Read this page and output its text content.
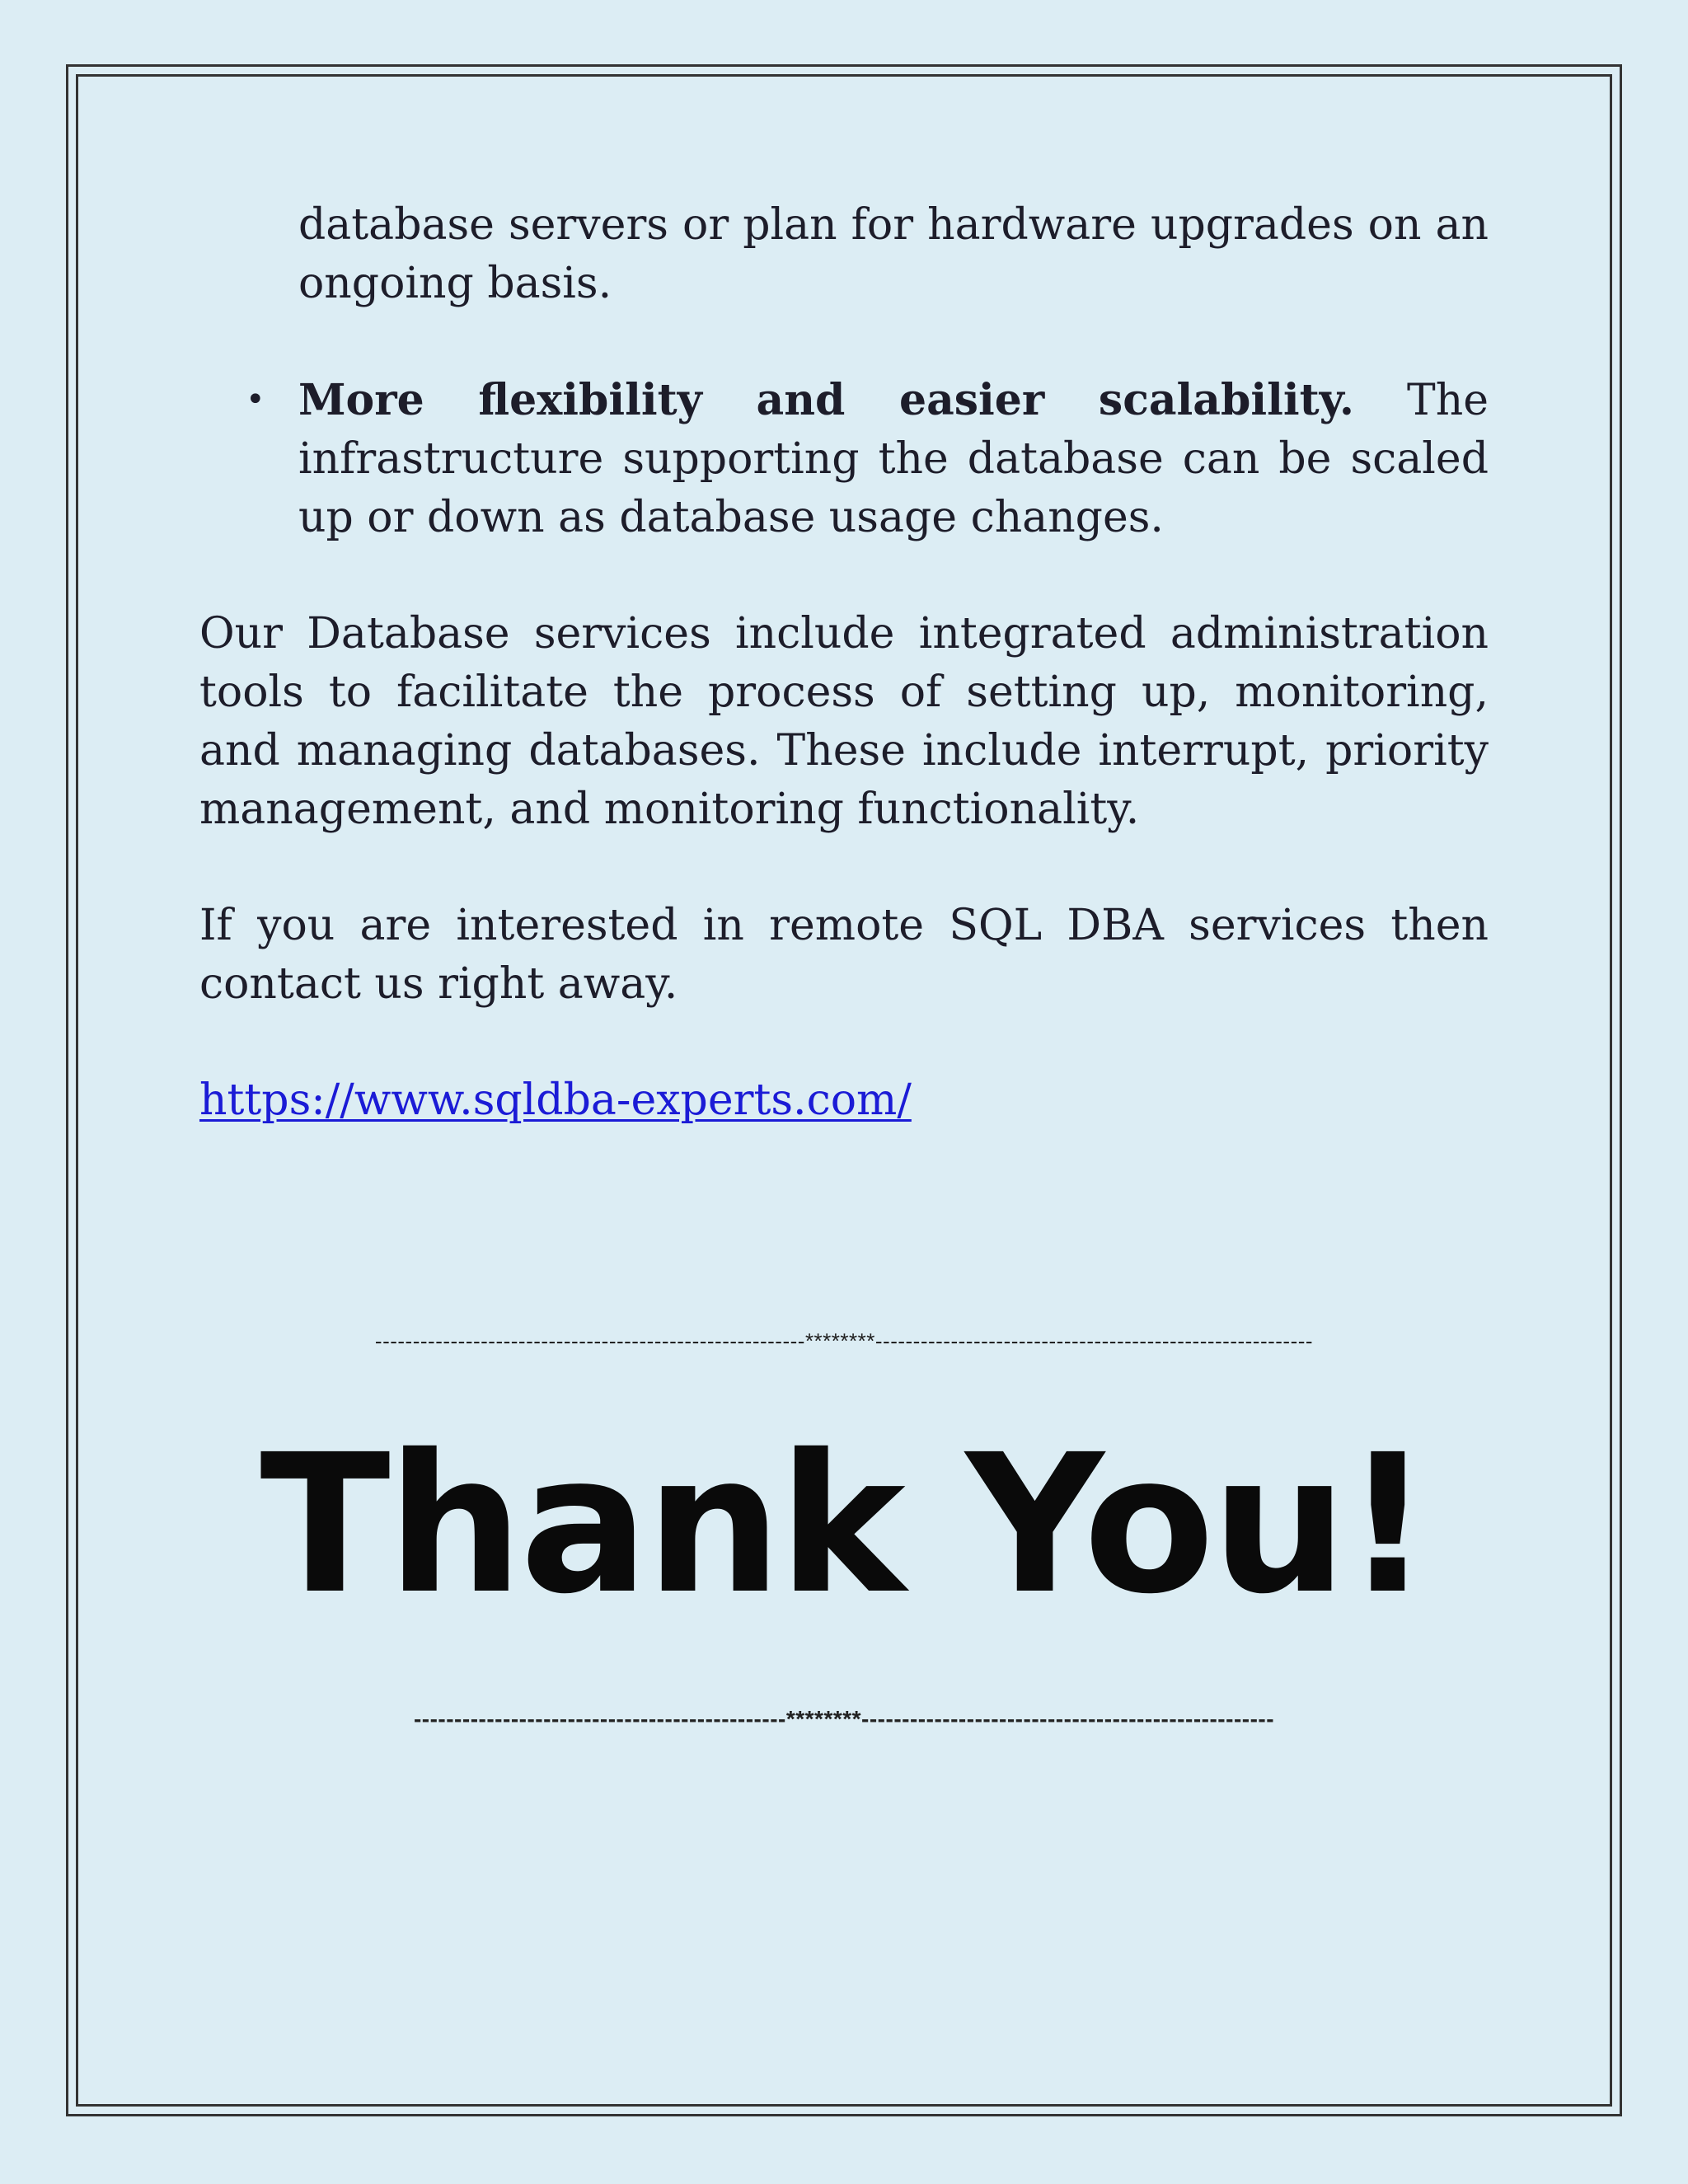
database servers or plan for hardware upgrades on an ongoing basis.

• More flexibility and easier scalability. The infrastructure supporting the database can be scaled up or down as database usage changes.

Our Database services include integrated administration tools to facilitate the process of setting up, monitoring, and managing databases. These include interrupt, priority management, and monitoring functionality.

If you are interested in remote SQL DBA services then contact us right away.

https://www.sqldba-experts.com/

---------------------------------------------------------********----------------------------------------------------------
Thank You!
----------------------------------------------********---------------------------------------------------
